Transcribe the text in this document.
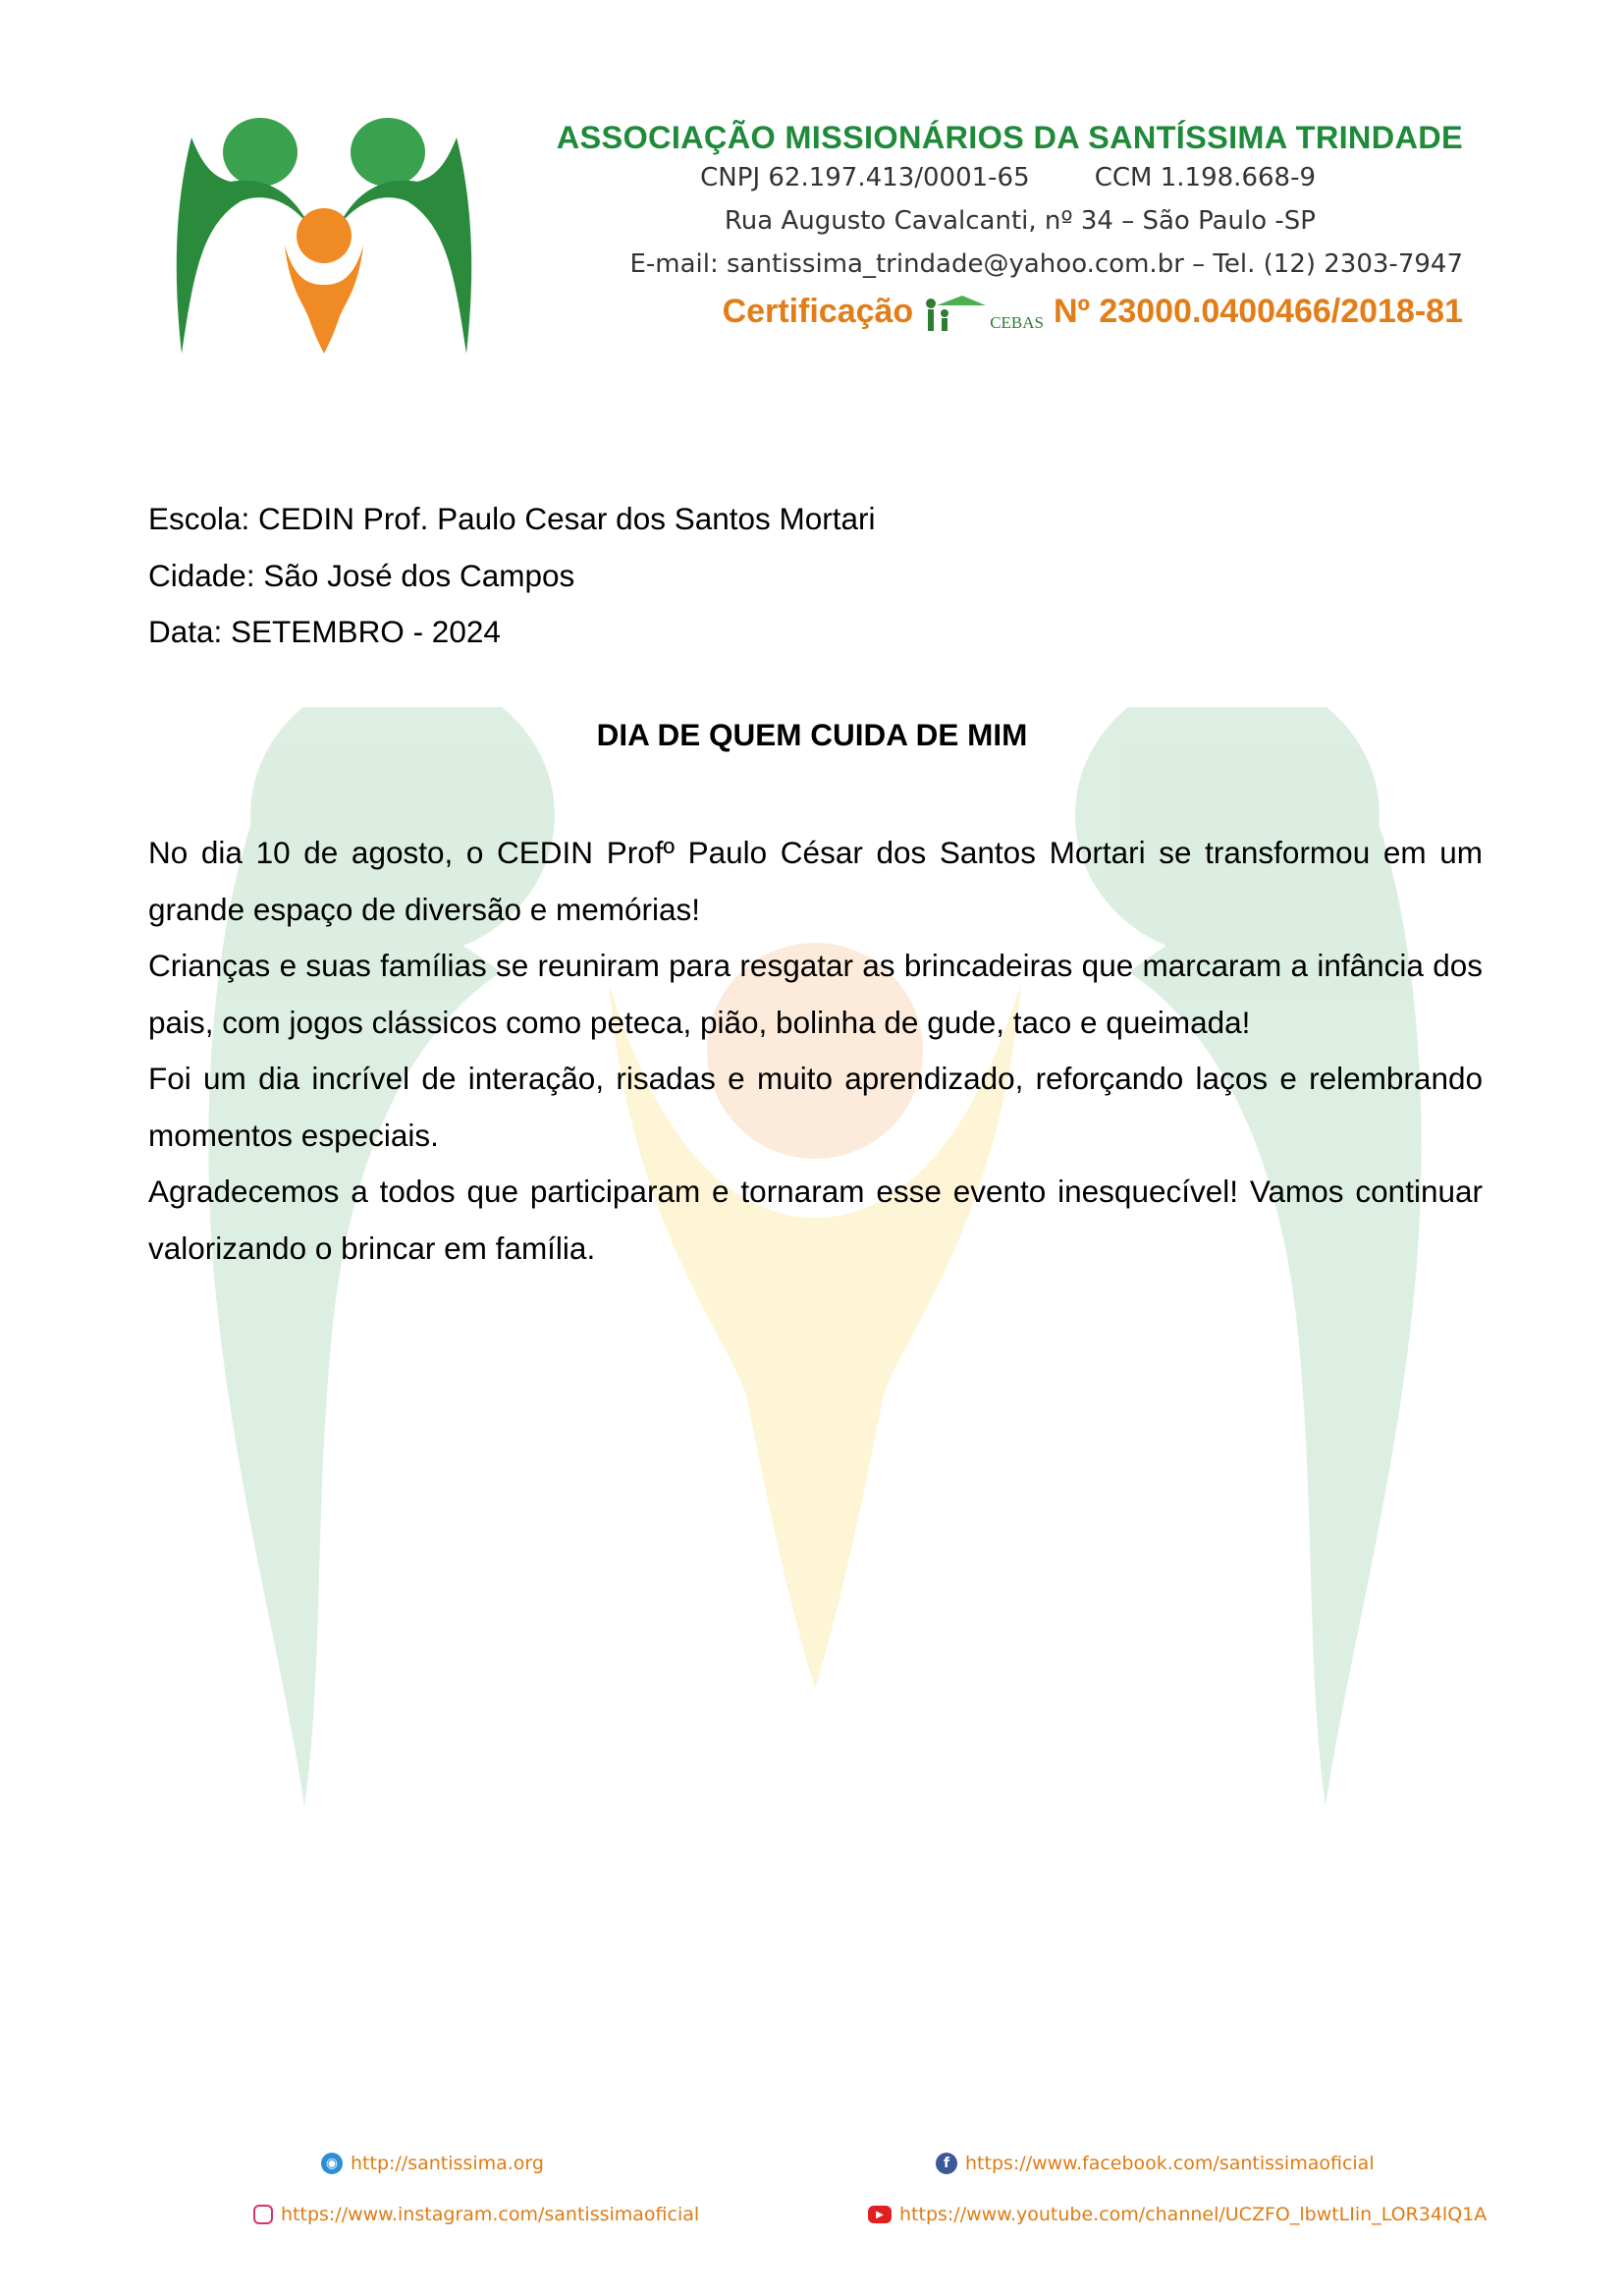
ASSOCIAÇÃO MISSIONÁRIOS DA SANTÍSSIMA TRINDADE
CNPJ 62.197.413/0001-65        CCM 1.198.668-9
Rua Augusto Cavalcanti, nº 34 – São Paulo -SP
E-mail: santissima_trindade@yahoo.com.br – Tel. (12) 2303-7947
Certificação	CEBAS Nº 23000.0400466/2018-81
Escola: CEDIN Prof. Paulo Cesar dos Santos Mortari
Cidade: São José dos Campos
Data: SETEMBRO - 2024
DIA DE QUEM CUIDA DE MIM

No dia 10 de agosto, o CEDIN Profº Paulo César dos Santos Mortari se transformou em um grande espaço de diversão e memórias!

Crianças e suas famílias se reuniram para resgatar as brincadeiras que marcaram a infância dos pais, com jogos clássicos como peteca, pião, bolinha de gude, taco e queimada!

Foi um dia incrível de interação, risadas e muito aprendizado, reforçando laços e relembrando momentos especiais.

Agradecemos a todos que participaram e tornaram esse evento inesquecível! Vamos continuar valorizando o brincar em família.

◉ http://santissima.org	f https://www.facebook.com/santissimaoficial
https://www.instagram.com/santissimaoficial	▶ https://www.youtube.com/channel/UCZFO_lbwtLIin_LOR34lQ1A
